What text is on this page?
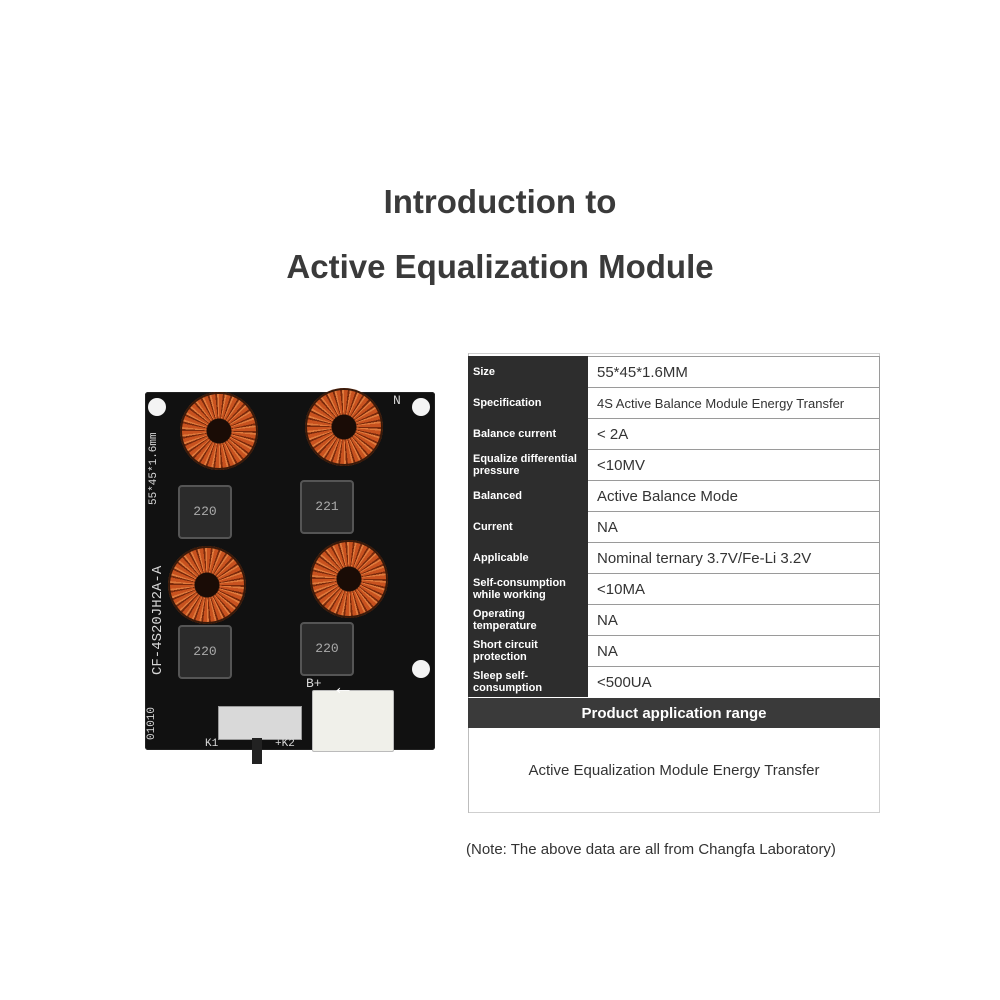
Introduction to
Active Equalization Module
N
220	221
220	220
CF-4S20JH2A-A
55*45*1.6mm
01010
K1	+K2
←
B+
Size	55*45*1.6MM
Specification	4S Active Balance Module Energy Transfer
Balance current	< 2A
Equalize differential pressure	<10MV
Balanced	Active Balance Mode
Current	NA
Applicable	Nominal ternary 3.7V/Fe-Li 3.2V
Self-consumption while working	<10MA
Operating temperature	NA
Short circuit protection	NA
Sleep self-consumption	<500UA
Product application range
Active Equalization Module Energy Transfer
(Note: The above data are all from Changfa Laboratory)
